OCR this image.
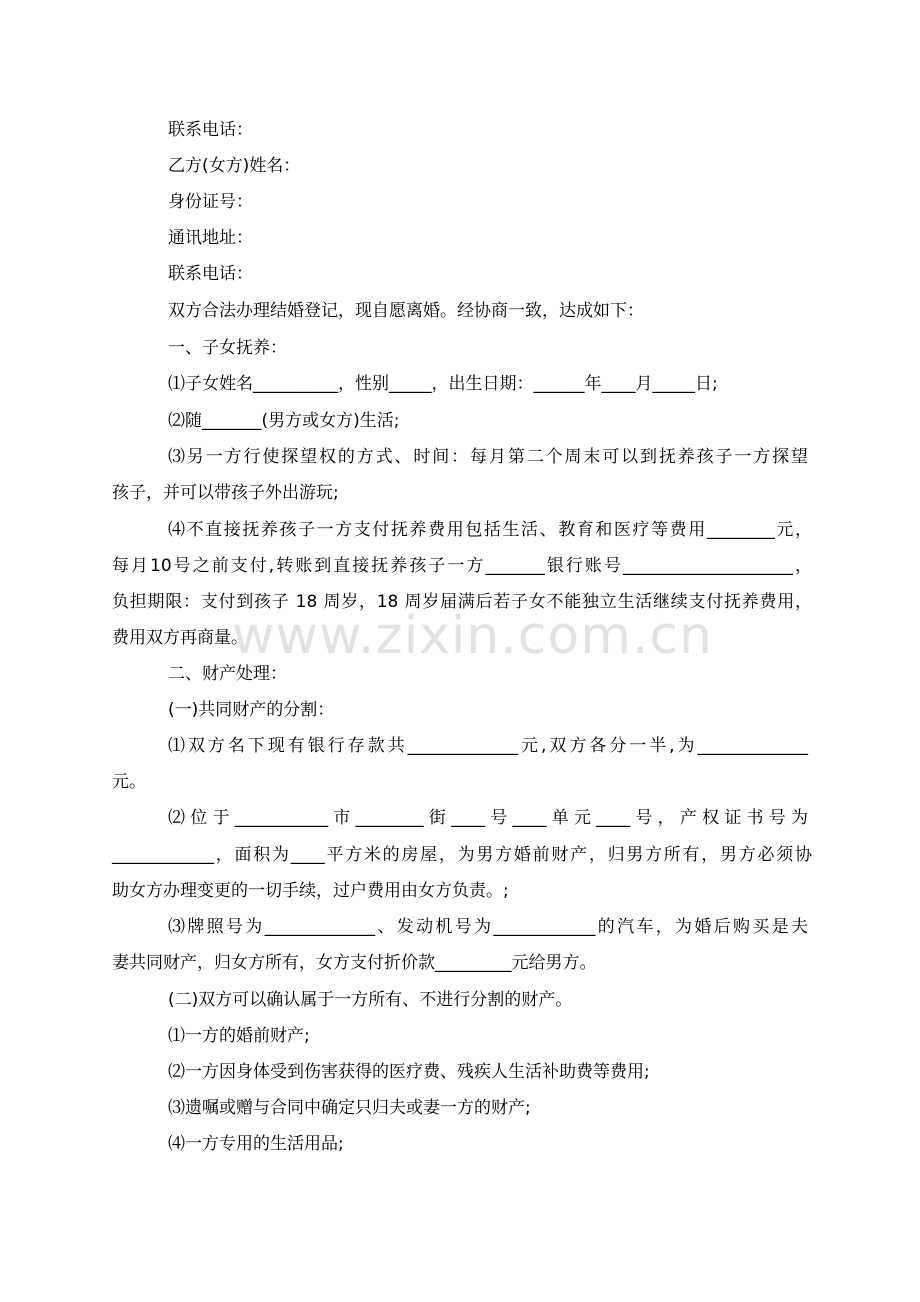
联系电话：
乙方(女方)姓名：
身份证号：
通讯地址：
联系电话：
双方合法办理结婚登记，现自愿离婚。经协商一致，达成如下：
一、子女抚养：
⑴子女姓名__________，性别_____，出生日期：______年____月_____日;
⑵随_______(男方或女方)生活;
⑶另一方行使探望权的方式、时间：每月第二个周末可以到抚养孩子一方探望
孩子，并可以带孩子外出游玩;
⑷不直接抚养孩子一方支付抚养费用包括生活、教育和医疗等费用________元，
每月10号之前支付,转账到直接抚养孩子一方_______银行账号____________________，
负担期限：支付到孩子 18 周岁，18 周岁届满后若子女不能独立生活继续支付抚养费用，
费用双方再商量。
二、财产处理：
(一)共同财产的分割：
⑴双方名下现有银行存款共_____________元,双方各分一半,为_____________
元。
⑵位于___________市________街____号____单元____号，产权证书号为
____________，面积为____平方米的房屋，为男方婚前财产，归男方所有，男方必须协
助女方办理变更的一切手续，过户费用由女方负责。;
⑶牌照号为_____________、发动机号为____________的汽车，为婚后购买是夫
妻共同财产，归女方所有，女方支付折价款_________元给男方。
(二)双方可以确认属于一方所有、不进行分割的财产。
⑴一方的婚前财产;
⑵一方因身体受到伤害获得的医疗费、残疾人生活补助费等费用;
⑶遗嘱或赠与合同中确定只归夫或妻一方的财产;
⑷一方专用的生活用品;
www.zixin.com.cn
